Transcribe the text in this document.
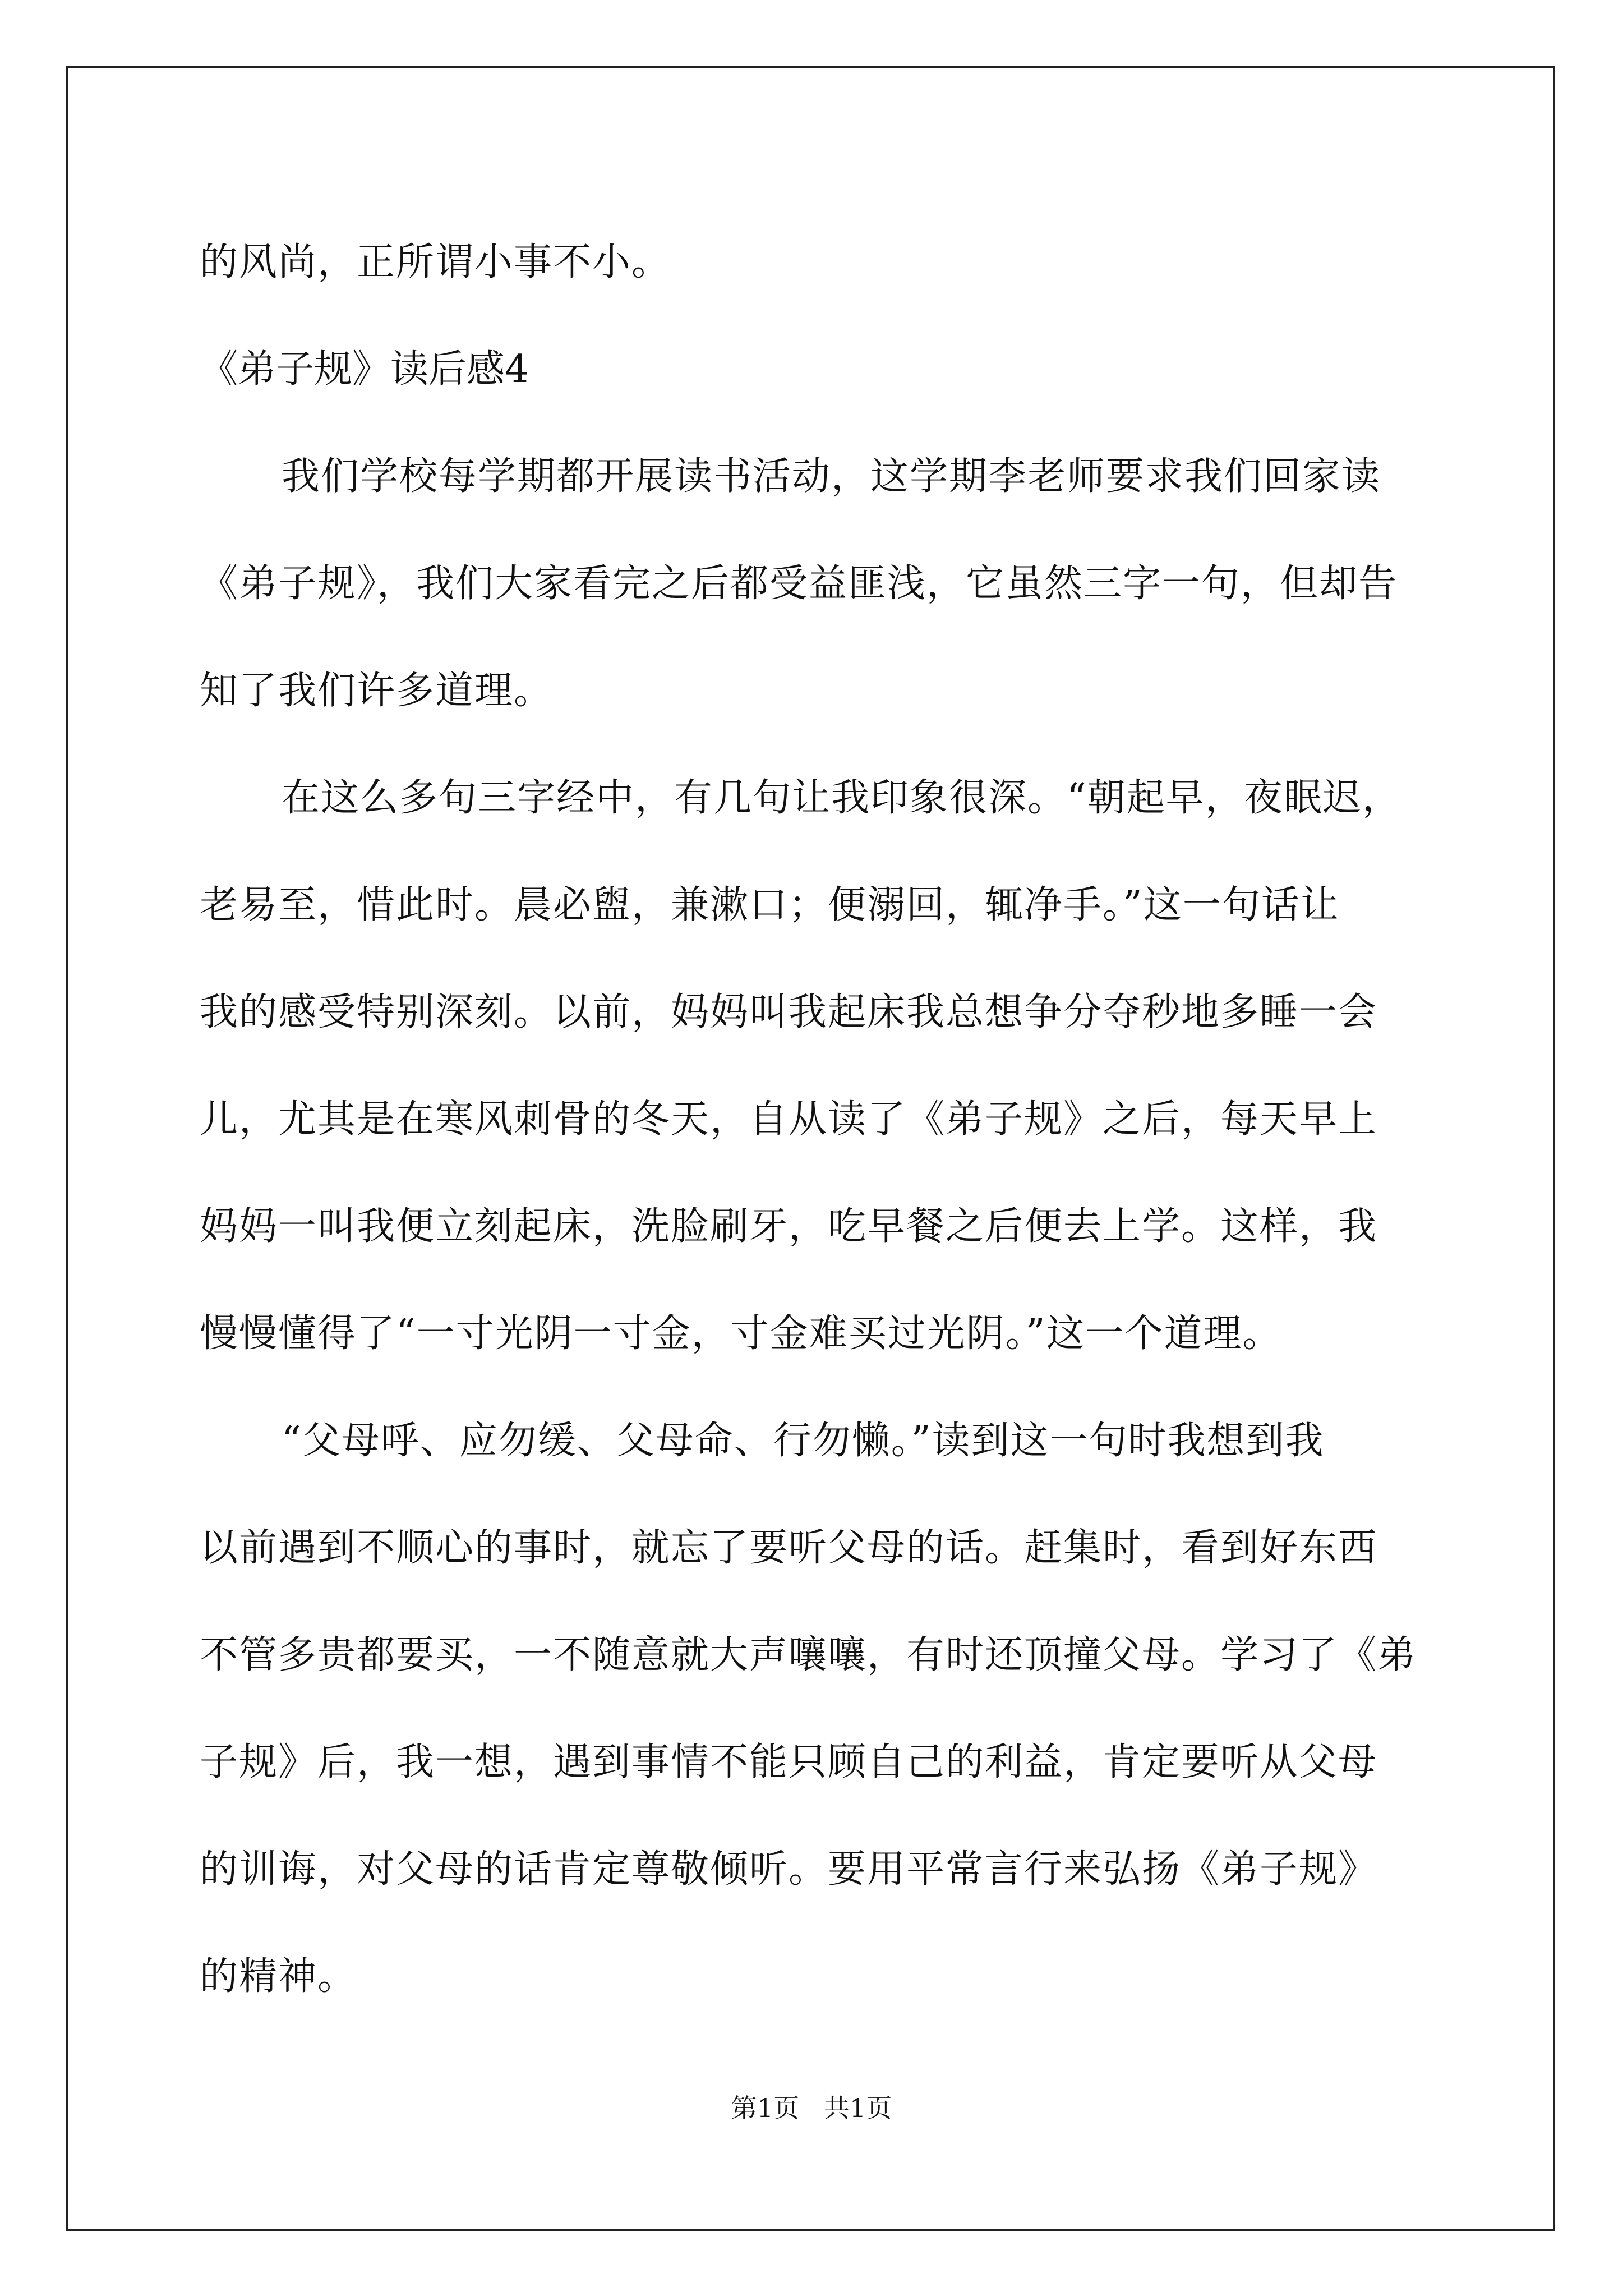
的风尚，正所谓小事不小。
《弟子规》读后感4
我们学校每学期都开展读书活动，这学期李老师要求我们回家读
《弟子规》，我们大家看完之后都受益匪浅，它虽然三字一句，但却告
知了我们许多道理。
在这么多句三字经中，有几句让我印象很深。“朝起早，夜眠迟，
老易至，惜此时。晨必盥，兼漱口；便溺回，辄净手。”这一句话让
我的感受特别深刻。以前，妈妈叫我起床我总想争分夺秒地多睡一会
儿，尤其是在寒风刺骨的冬天，自从读了《弟子规》之后，每天早上
妈妈一叫我便立刻起床，洗脸刷牙，吃早餐之后便去上学。这样，我
慢慢懂得了“一寸光阴一寸金，寸金难买过光阴。”这一个道理。
“父母呼、应勿缓、父母命、行勿懒。”读到这一句时我想到我
以前遇到不顺心的事时，就忘了要听父母的话。赶集时，看到好东西
不管多贵都要买，一不随意就大声嚷嚷，有时还顶撞父母。学习了《弟
子规》后，我一想，遇到事情不能只顾自己的利益，肯定要听从父母
的训诲，对父母的话肯定尊敬倾听。要用平常言行来弘扬《弟子规》
的精神。
第1页   共1页
